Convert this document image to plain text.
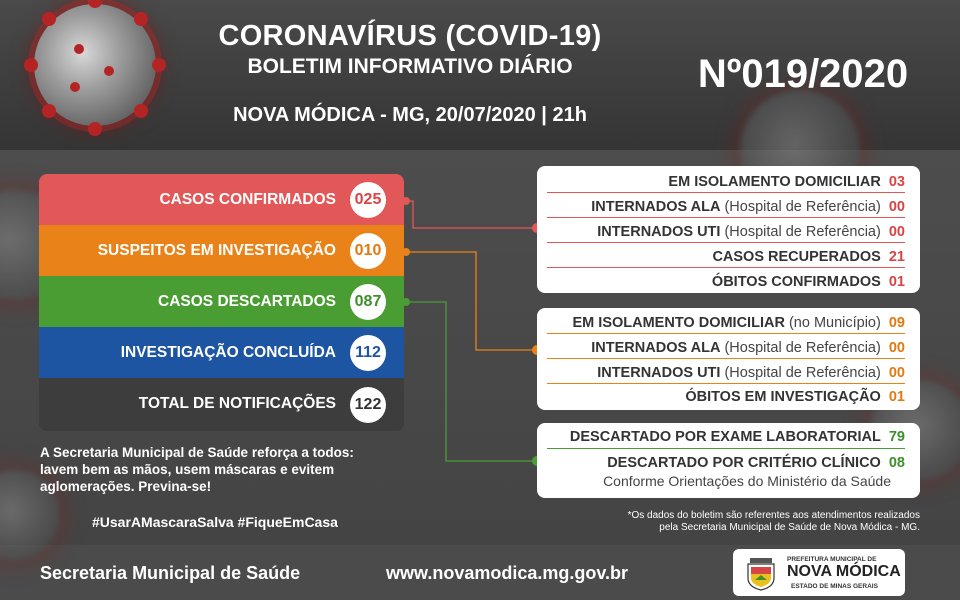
CORONAVÍRUS (COVID-19)
BOLETIM INFORMATIVO DIÁRIO
NOVA MÓDICA - MG, 20/07/2020 | 21h
Nº019/2020
CASOS CONFIRMADOS 025
SUSPEITOS EM INVESTIGAÇÃO 010
CASOS DESCARTADOS 087
INVESTIGAÇÃO CONCLUÍDA	112
TOTAL DE NOTIFICAÇÕES 122
A Secretaria Municipal de Saúde reforça a todos:
lavem bem as mãos, usem máscaras e evitem
aglomerações. Previna-se!
#UsarAMascaraSalva #FiqueEmCasa
EM ISOLAMENTO DOMICILIAR 03
INTERNADOS ALA (Hospital de Referência) 00
INTERNADOS UTI (Hospital de Referência) 00
CASOS RECUPERADOS 21
ÓBITOS CONFIRMADOS 01
EM ISOLAMENTO DOMICILIAR (no Município) 09
INTERNADOS ALA (Hospital de Referência) 00
INTERNADOS UTI (Hospital de Referência) 00
ÓBITOS EM INVESTIGAÇÃO 01
DESCARTADO POR EXAME LABORATORIAL 79
DESCARTADO POR CRITÉRIO CLÍNICO 08
Conforme Orientações do Ministério da Saúde
*Os dados do boletim são referentes aos atendimentos realizados
pela Secretaria Municipal de Saúde de Nova Módica - MG.
Secretaria Municipal de Saúde	www.novamodica.mg.gov.br
PREFEITURA MUNICIPAL DE
NOVA MÓDICA
ESTADO DE MINAS GERAIS
